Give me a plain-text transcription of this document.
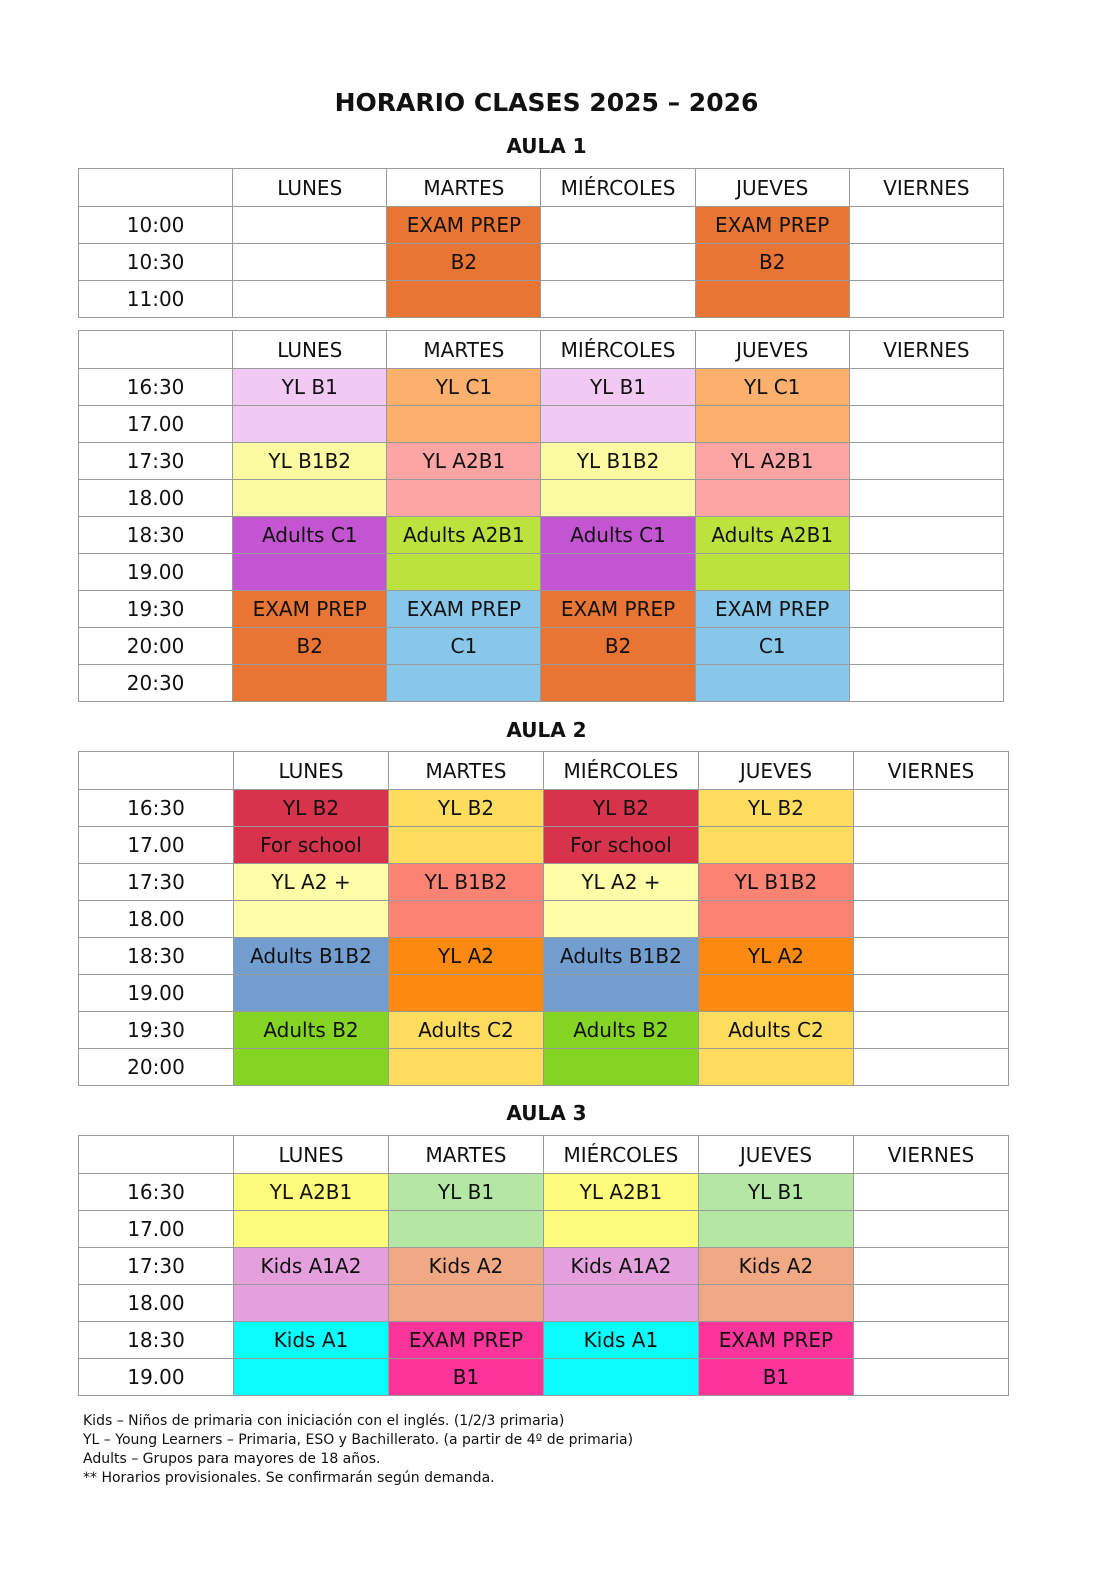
HORARIO CLASES 2025 – 2026
AULA 1
	LUNES	MARTES	MIÉRCOLES	JUEVES	VIERNES
10:00		EXAM PREP		EXAM PREP	
10:30		B2		B2	
11:00					
	LUNES	MARTES	MIÉRCOLES	JUEVES	VIERNES
16:30	YL B1	YL C1	YL B1	YL C1	
17.00					
17:30	YL B1B2	YL A2B1	YL B1B2	YL A2B1	
18.00					
18:30	Adults C1	Adults A2B1	Adults C1	Adults A2B1	
19.00					
19:30	EXAM PREP	EXAM PREP	EXAM PREP	EXAM PREP	
20:00	B2	C1	B2	C1	
20:30					
AULA 2
	LUNES	MARTES	MIÉRCOLES	JUEVES	VIERNES
16:30	YL B2	YL B2	YL B2	YL B2	
17.00	For school		For school		
17:30	YL A2 +	YL B1B2	YL A2 +	YL B1B2	
18.00					
18:30	Adults B1B2	YL A2	Adults B1B2	YL A2	
19.00					
19:30	Adults B2	Adults C2	Adults B2	Adults C2	
20:00					
AULA 3
	LUNES	MARTES	MIÉRCOLES	JUEVES	VIERNES
16:30	YL A2B1	YL B1	YL A2B1	YL B1	
17.00					
17:30	Kids A1A2	Kids A2	Kids A1A2	Kids A2	
18.00					
18:30	Kids A1	EXAM PREP	Kids A1	EXAM PREP	
19.00		B1		B1	
Kids – Niños de primaria con iniciación con el inglés. (1/2/3 primaria)
YL – Young Learners – Primaria, ESO y Bachillerato. (a partir de 4º de primaria)
Adults – Grupos para mayores de 18 años.
** Horarios provisionales. Se confirmarán según demanda.
